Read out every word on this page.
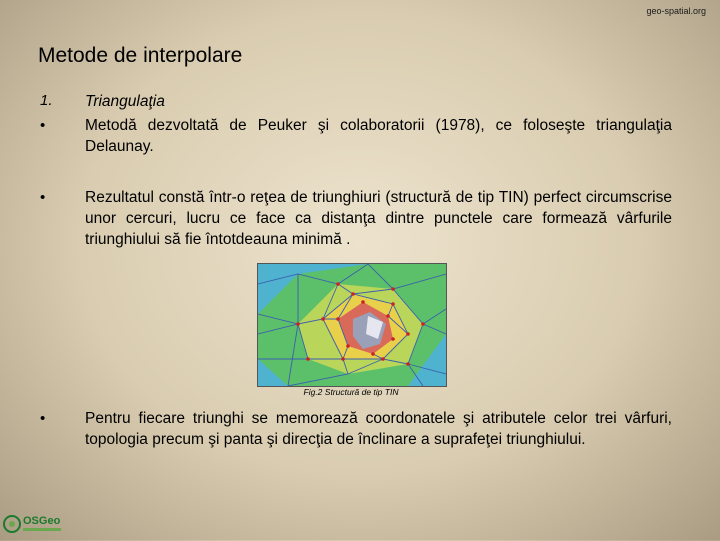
geo-spatial.org
Metode de interpolare
1. Triangulaţia
•	Metodă dezvoltată de Peuker şi colaboratorii (1978), ce foloseşte triangulaţia Delaunay.
•	Rezultatul constă într-o reţea de triunghiuri (structură de tip TIN) perfect circumscrise unor cercuri, lucru ce face ca distanţa dintre punctele care formează vârfurile triunghiului să fie întotdeauna minimă .
Fig.2 Structură de tip TIN
•	Pentru fiecare triunghi se memorează coordonatele şi atributele celor trei vârfuri, topologia precum şi panta şi direcţia de înclinare a suprafeţei triunghiului.
OSGeo
